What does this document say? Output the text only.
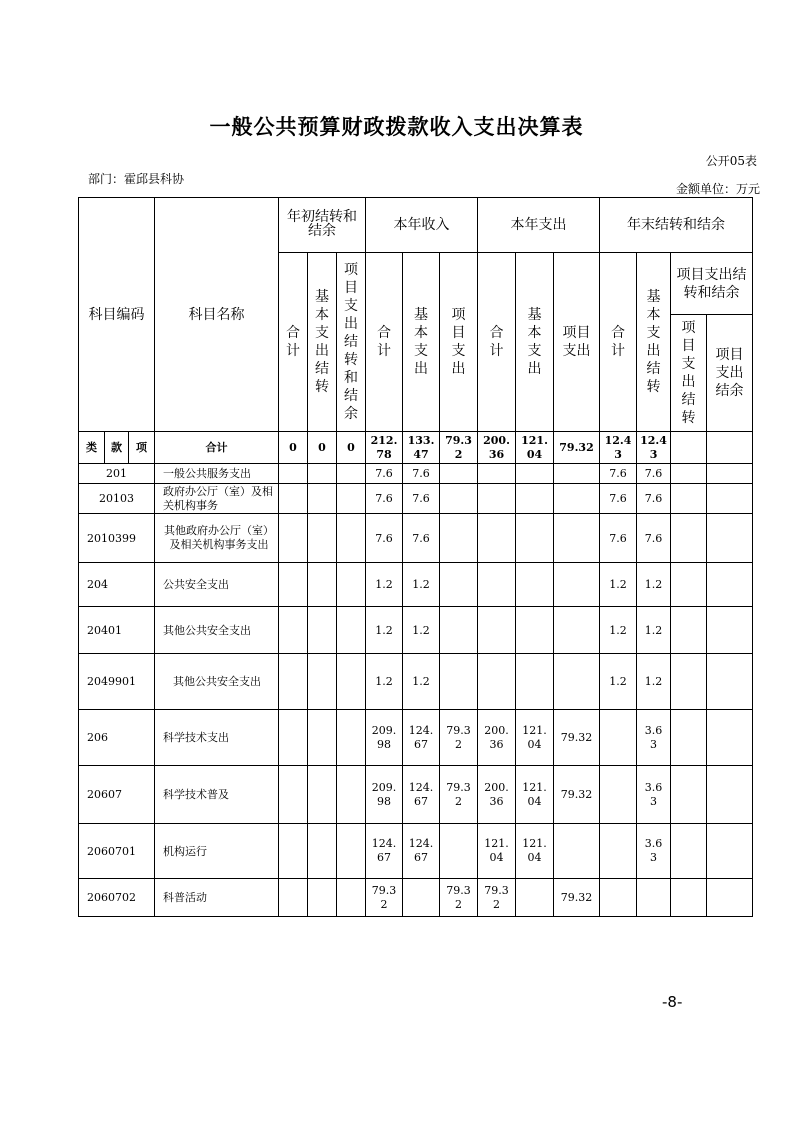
一般公共预算财政拨款收入支出决算表
公开05表
部门：霍邱县科协
金额单位：万元
科目编码			科目名称	年初结转和结余			本年收入			本年支出			年末结转和结余			
				合计	基本支出结转	项目支出结转和结余	合计	基本支出	项目支出	合计	基本支出	项目支出	合计	基本支出结转	项目支出结转和结余	
															项目支出结转	项目支出结余
类	款	项	合计	0	0	0	212.78	133.47	79.32	200.36	121.04	79.32	12.43	12.43		
201			一般公共服务支出				7.6	7.6					7.6	7.6		
20103			政府办公厅（室）及相关机构事务				7.6	7.6					7.6	7.6		
2010399			其他政府办公厅（室）及相关机构事务支出				7.6	7.6					7.6	7.6		
204			公共安全支出				1.2	1.2					1.2	1.2		
20401			其他公共安全支出				1.2	1.2					1.2	1.2		
2049901			其他公共安全支出				1.2	1.2					1.2	1.2		
206			科学技术支出				209.98	124.67	79.32	200.36	121.04	79.32		3.63		
20607			科学技术普及				209.98	124.67	79.32	200.36	121.04	79.32		3.63		
2060701			机构运行				124.67	124.67		121.04	121.04			3.63		
2060702			科普活动				79.32		79.32	79.32		79.32				
-8-
